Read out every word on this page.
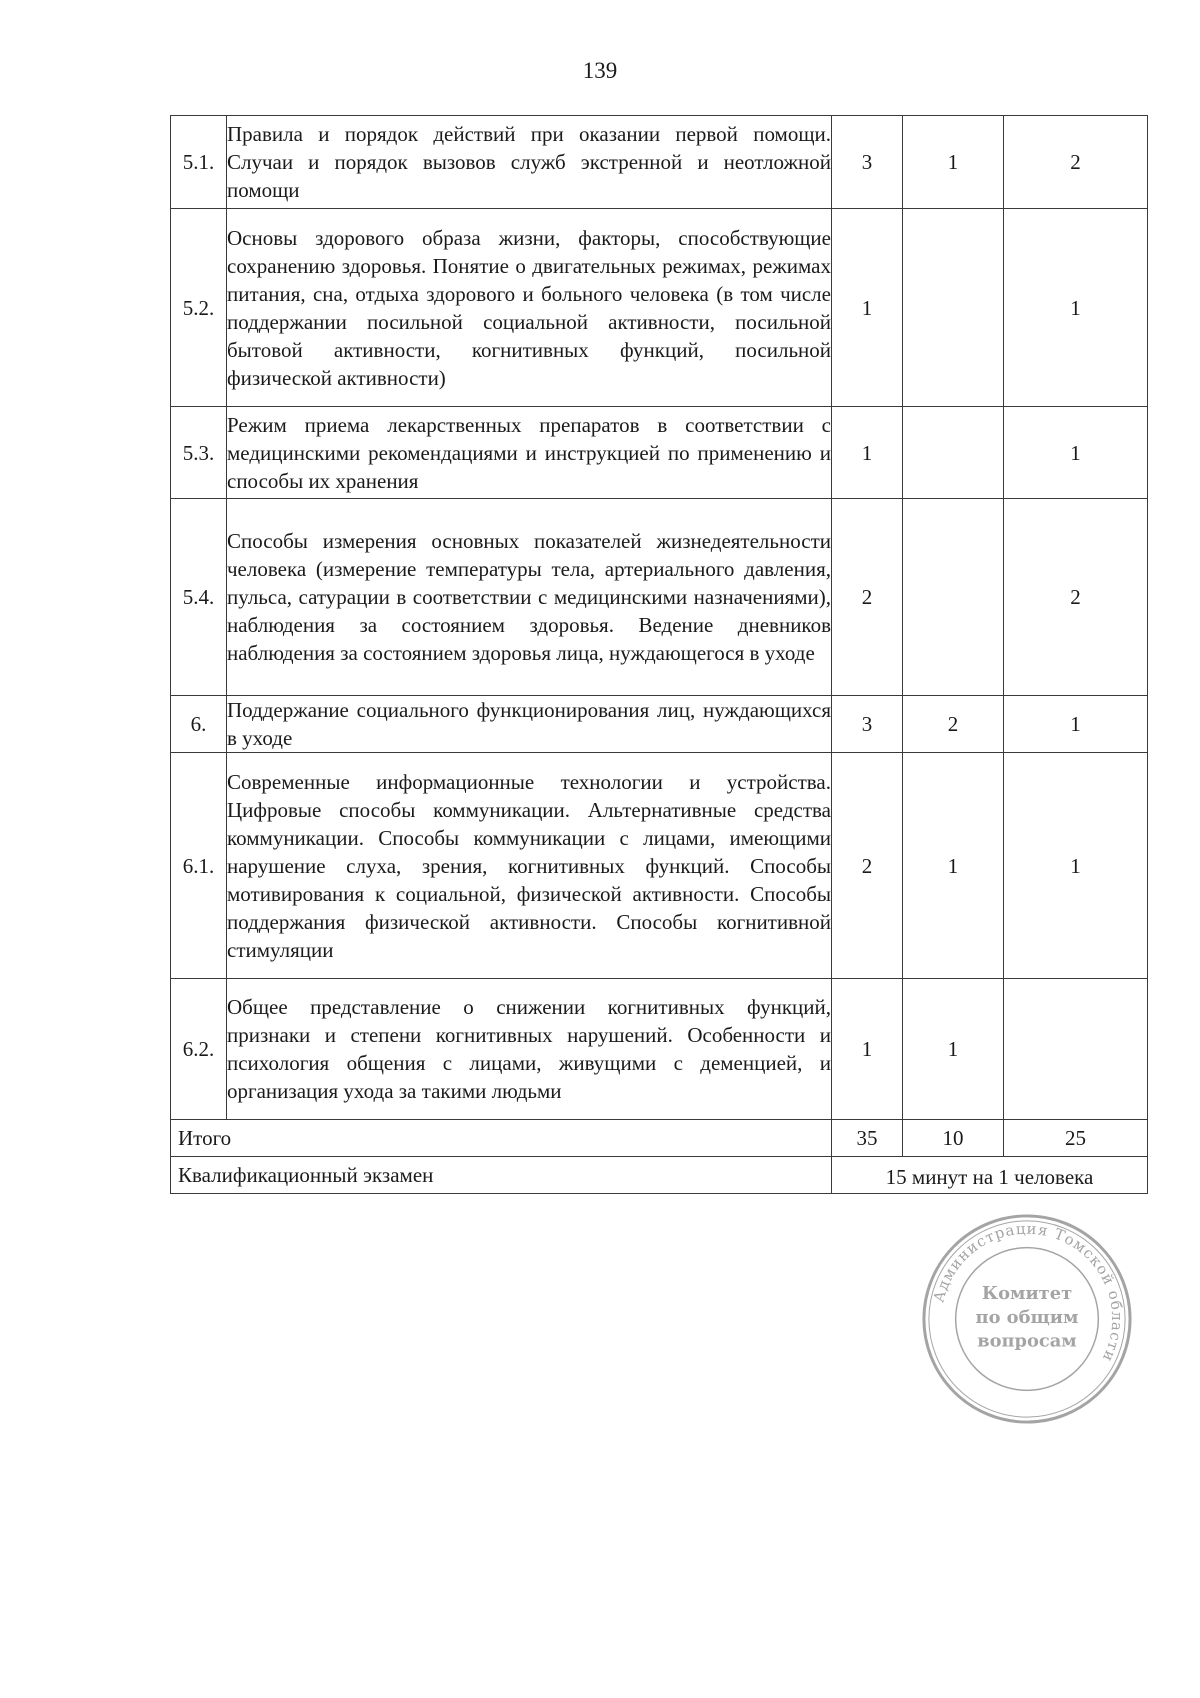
139
5.1.	Правила и порядок действий при оказании первой помощи. Случаи и порядок вызовов служб экстренной и неотложной помощи	3	1	2
5.2.	Основы здорового образа жизни, факторы, способствующие сохранению здоровья. Понятие о двигательных режимах, режимах питания, сна, отдыха здорового и больного человека (в том числе поддержании посильной социальной активности, посильной бытовой активности, когнитивных функций, посильной физической активности)	1		1
5.3.	Режим приема лекарственных препаратов в соответствии с медицинскими рекомендациями и инструкцией по применению и способы их хранения	1		1
5.4.	Способы измерения основных показателей жизнедеятельности человека (измерение температуры тела, артериального давления, пульса, сатурации в соответствии с медицинскими назначениями), наблюдения за состоянием здоровья. Ведение дневников наблюдения за состоянием здоровья лица, нуждающегося в уходе	2		2
6.	Поддержание социального функционирования лиц, нуждающихся в уходе	3	2	1
6.1.	Современные информационные технологии и устройства. Цифровые способы коммуникации. Альтернативные средства коммуникации. Способы коммуникации с лицами, имеющими нарушение слуха, зрения, когнитивных функций. Способы мотивирования к социальной, физической активности. Способы поддержания физической активности. Способы когнитивной стимуляции	2	1	1
6.2.	Общее представление о снижении когнитивных функций, признаки и степени когнитивных нарушений. Особенности и психология общения с лицами, живущими с деменцией, и организация ухода за такими людьми	1	1	
Итого		35	10	25
Квалификационный экзамен		15 минут на 1 человека		
Администрация Томской области
Комитет
по общим
вопросам
